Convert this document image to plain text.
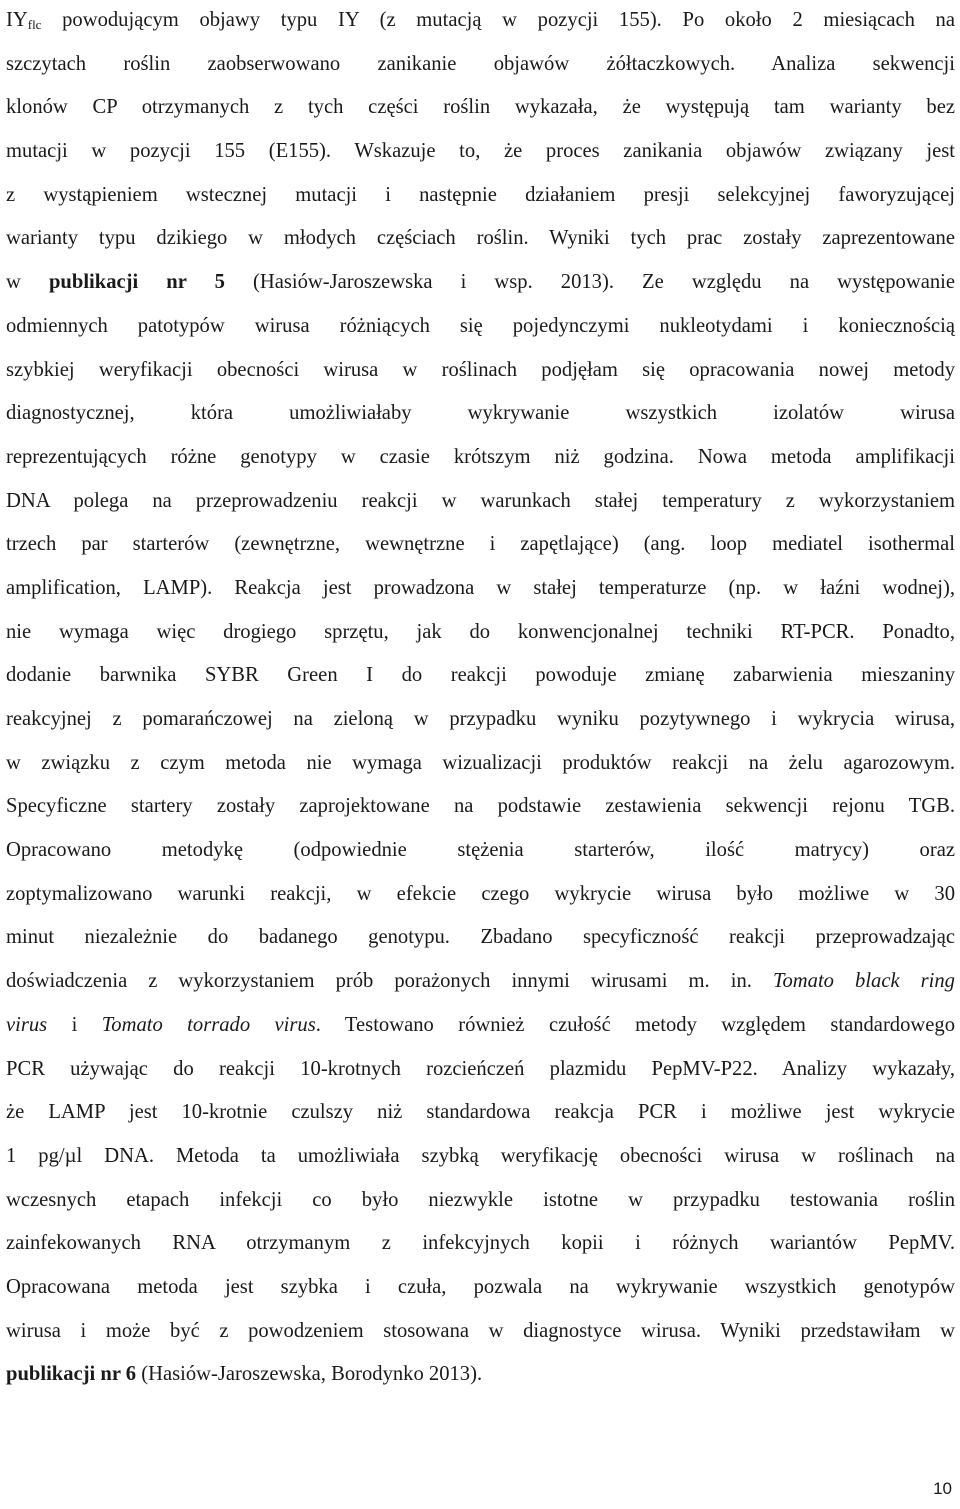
$IY_{flc}$ powodującym objawy typu IY (z mutacją w pozycji 155). Po około 2 miesiącach na
szczytach roślin zaobserwowano zanikanie objawów żółtaczkowych. Analiza sekwencji
klonów CP otrzymanych z tych części roślin wykazała, że występują tam warianty bez
mutacji w pozycji 155 (E155). Wskazuje to, że proces zanikania objawów związany jest
z wystąpieniem wstecznej mutacji i następnie działaniem presji selekcyjnej faworyzującej
warianty typu dzikiego w młodych częściach roślin. Wyniki tych prac zostały zaprezentowane
w publikacji nr 5 (Hasiów-Jaroszewska i wsp. 2013). Ze względu na występowanie
odmiennych patotypów wirusa różniących się pojedynczymi nukleotydami i koniecznością
szybkiej weryfikacji obecności wirusa w roślinach podjęłam się opracowania nowej metody
diagnostycznej, która umożliwiałaby wykrywanie wszystkich izolatów wirusa
reprezentujących różne genotypy w czasie krótszym niż godzina. Nowa metoda amplifikacji
DNA polega na przeprowadzeniu reakcji w warunkach stałej temperatury z wykorzystaniem
trzech par starterów (zewnętrzne, wewnętrzne i zapętlające) (ang. loop mediatel isothermal
amplification, LAMP). Reakcja jest prowadzona w stałej temperaturze (np. w łaźni wodnej),
nie wymaga więc drogiego sprzętu, jak do konwencjonalnej techniki RT-PCR. Ponadto,
dodanie barwnika SYBR Green I do reakcji powoduje zmianę zabarwienia mieszaniny
reakcyjnej z pomarańczowej na zieloną w przypadku wyniku pozytywnego i wykrycia wirusa,
w związku z czym metoda nie wymaga wizualizacji produktów reakcji na żelu agarozowym.
Specyficzne startery zostały zaprojektowane na podstawie zestawienia sekwencji rejonu TGB.
Opracowano metodykę (odpowiednie stężenia starterów, ilość matrycy) oraz
zoptymalizowano warunki reakcji, w efekcie czego wykrycie wirusa było możliwe w 30
minut niezależnie do badanego genotypu. Zbadano specyficzność reakcji przeprowadzając
doświadczenia z wykorzystaniem prób porażonych innymi wirusami m. in. Tomato black ring
virus i Tomato torrado virus. Testowano również czułość metody względem standardowego
PCR używając do reakcji 10-krotnych rozcieńczeń plazmidu PepMV-P22. Analizy wykazały,
że LAMP jest 10-krotnie czulszy niż standardowa reakcja PCR i możliwe jest wykrycie
1 pg/µl DNA. Metoda ta umożliwiała szybką weryfikację obecności wirusa w roślinach na
wczesnych etapach infekcji co było niezwykle istotne w przypadku testowania roślin
zainfekowanych RNA otrzymanym z infekcyjnych kopii i różnych wariantów PepMV.
Opracowana metoda jest szybka i czuła, pozwala na wykrywanie wszystkich genotypów
wirusa i może być z powodzeniem stosowana w diagnostyce wirusa. Wyniki przedstawiłam w
publikacji nr 6 (Hasiów-Jaroszewska, Borodynko 2013).
10
